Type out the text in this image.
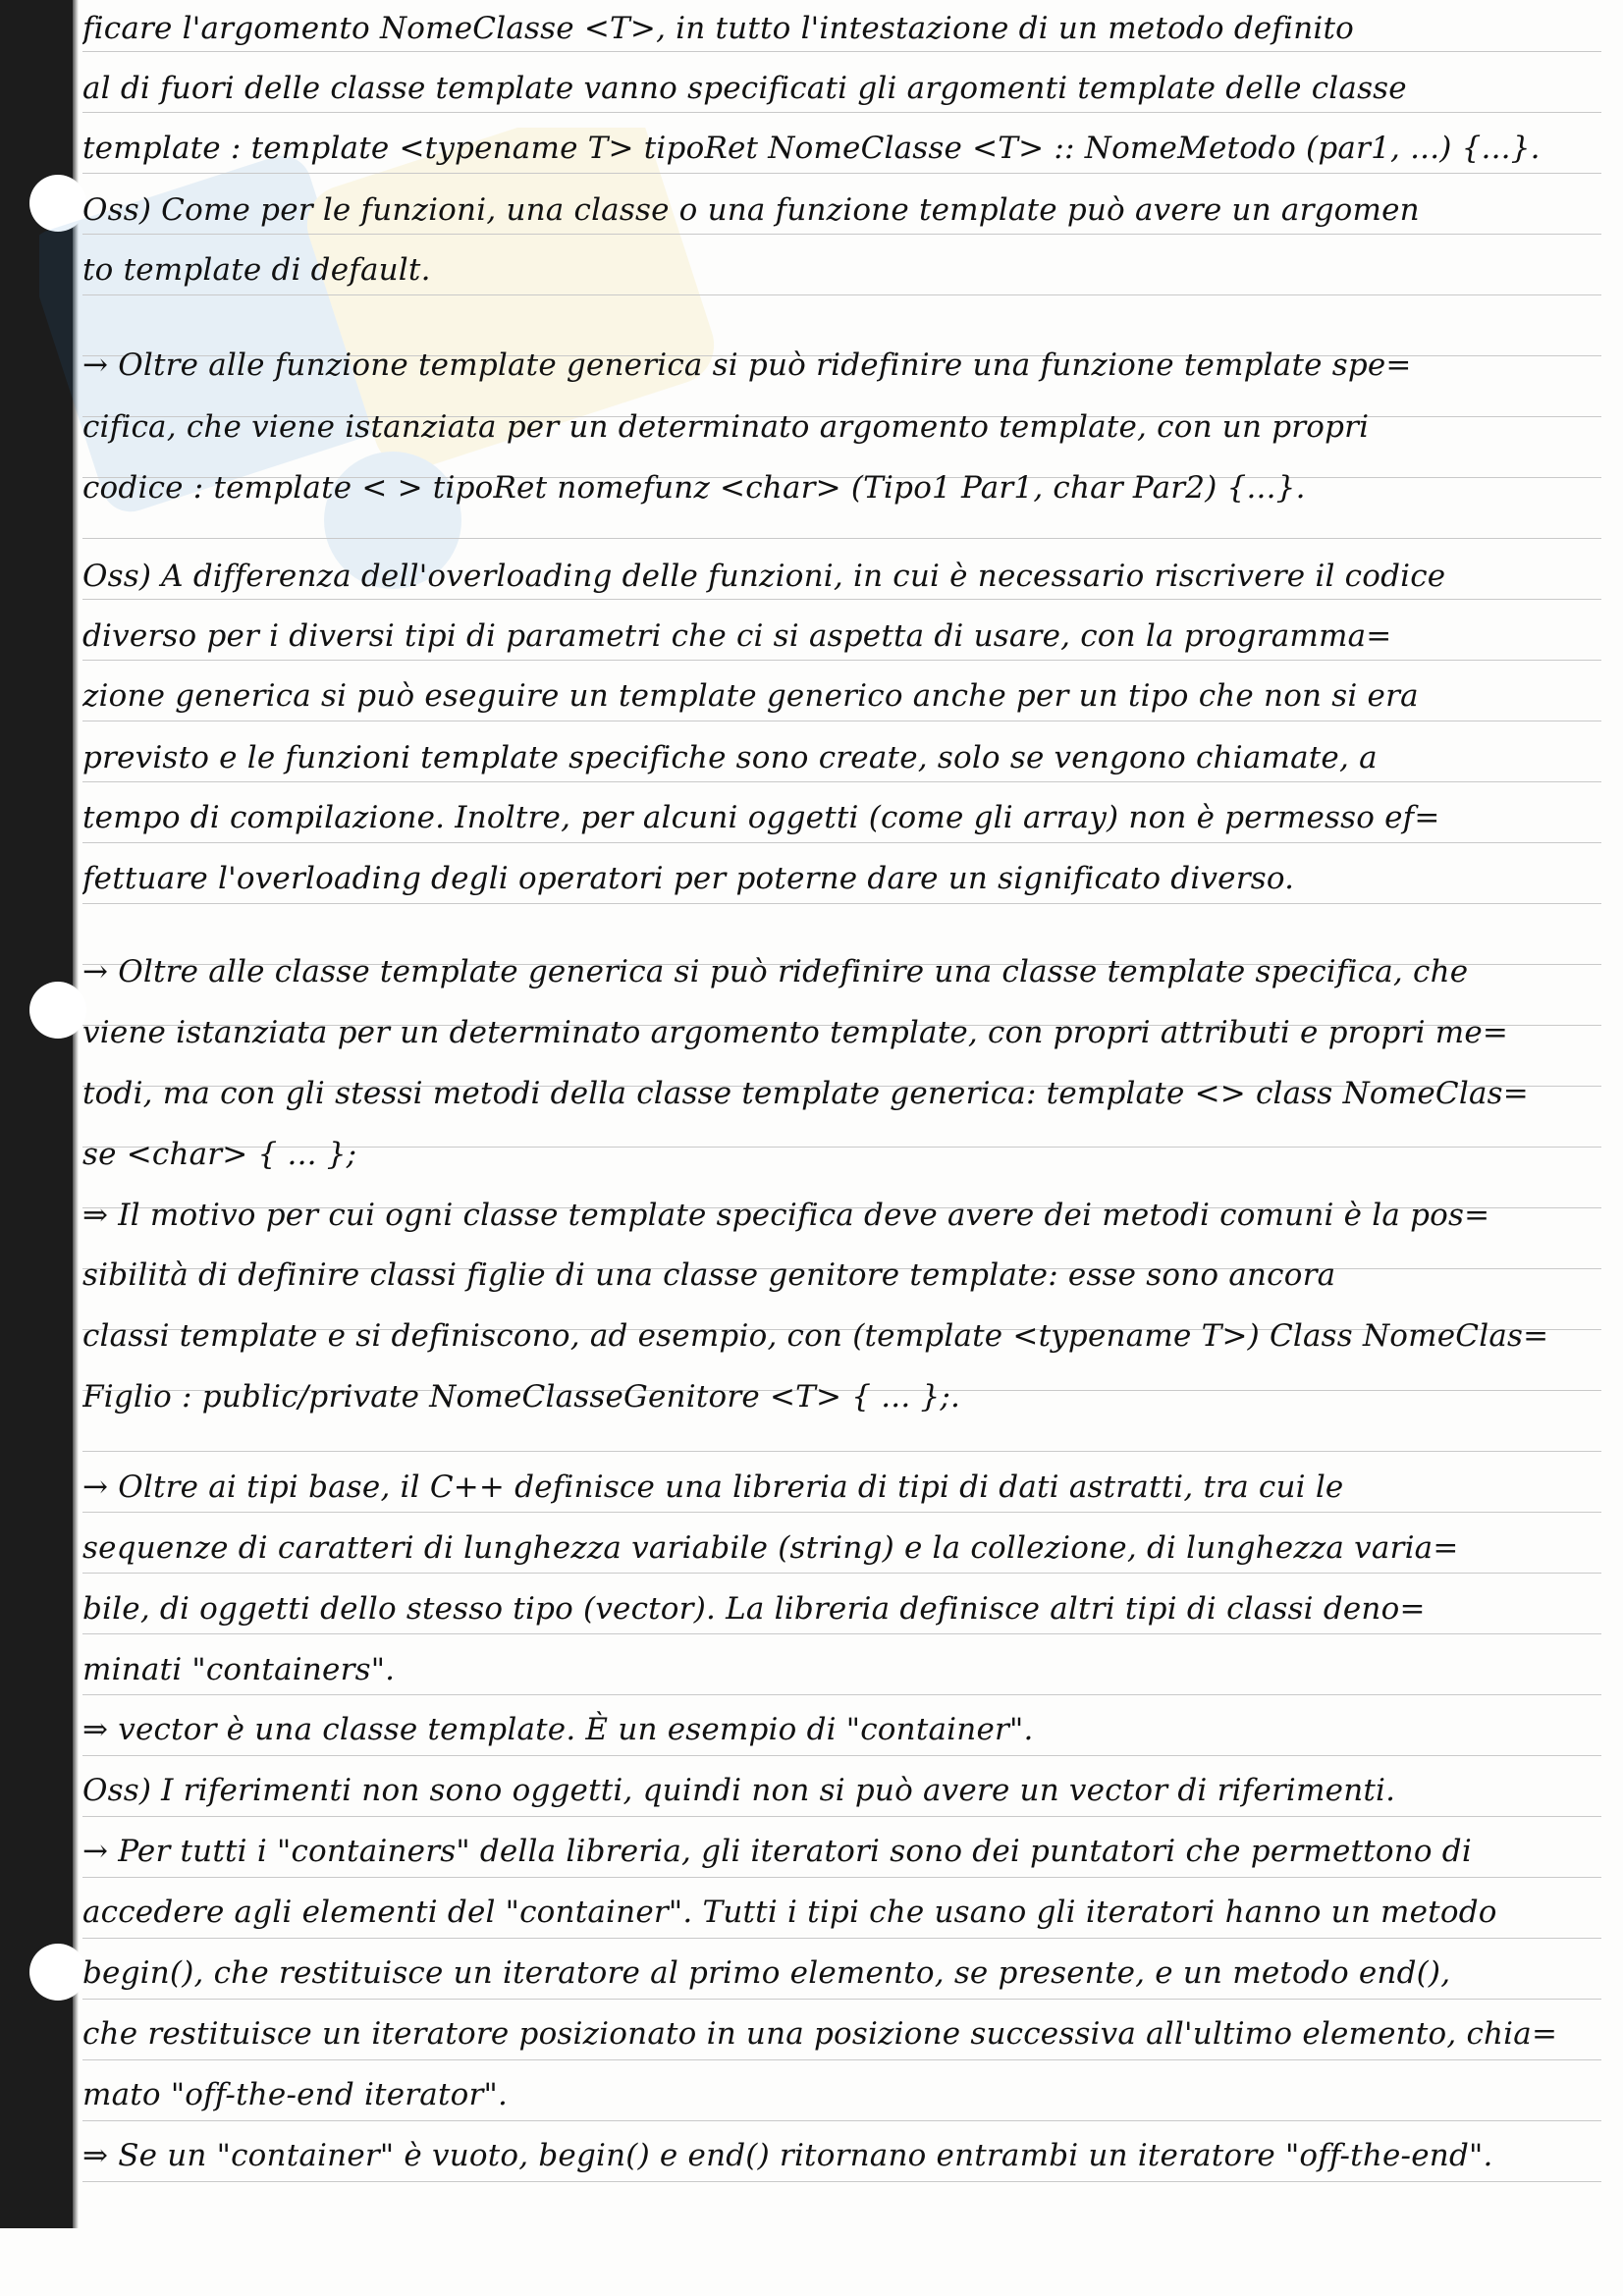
ficare l'argomento NomeClasse <T>, in tutto l'intestazione di un metodo definito
al di fuori delle classe template vanno specificati gli argomenti template delle classe
template : template <typename T> tipoRet NomeClasse <T> :: NomeMetodo (par1, ...) {...}.
Oss) Come per le funzioni, una classe o una funzione template può avere un argomen
to template di default.
→ Oltre alle funzione template generica si può ridefinire una funzione template spe=
cifica, che viene istanziata per un determinato argomento template, con un propri
codice : template < > tipoRet nomefunz <char> (Tipo1 Par1, char Par2) {...}.
Oss) A differenza dell'overloading delle funzioni, in cui è necessario riscrivere il codice
diverso per i diversi tipi di parametri che ci si aspetta di usare, con la programma=
zione generica si può eseguire un template generico anche per un tipo che non si era
previsto e le funzioni template specifiche sono create, solo se vengono chiamate, a
tempo di compilazione. Inoltre, per alcuni oggetti (come gli array) non è permesso ef=
fettuare l'overloading degli operatori per poterne dare un significato diverso.
→ Oltre alle classe template generica si può ridefinire una classe template specifica, che
viene istanziata per un determinato argomento template, con propri attributi e propri me=
todi, ma con gli stessi metodi della classe template generica: template <> class NomeClas=
se <char> { ... };
⇒ Il motivo per cui ogni classe template specifica deve avere dei metodi comuni è la pos=
sibilità di definire classi figlie di una classe genitore template: esse sono ancora
classi template e si definiscono, ad esempio, con (template <typename T>) Class NomeClas=
Figlio : public/private NomeClasseGenitore <T> { ... };.
→ Oltre ai tipi base, il C++ definisce una libreria di tipi di dati astratti, tra cui le
sequenze di caratteri di lunghezza variabile (string) e la collezione, di lunghezza varia=
bile, di oggetti dello stesso tipo (vector). La libreria definisce altri tipi di classi deno=
minati "containers".
⇒ vector è una classe template. È un esempio di "container".
Oss) I riferimenti non sono oggetti, quindi non si può avere un vector di riferimenti.
→ Per tutti i "containers" della libreria, gli iteratori sono dei puntatori che permettono di
accedere agli elementi del "container". Tutti i tipi che usano gli iteratori hanno un metodo
begin(), che restituisce un iteratore al primo elemento, se presente, e un metodo end(),
che restituisce un iteratore posizionato in una posizione successiva all'ultimo elemento, chia=
mato "off-the-end iterator".
⇒ Se un "container" è vuoto, begin() e end() ritornano entrambi un iteratore "off-the-end".
